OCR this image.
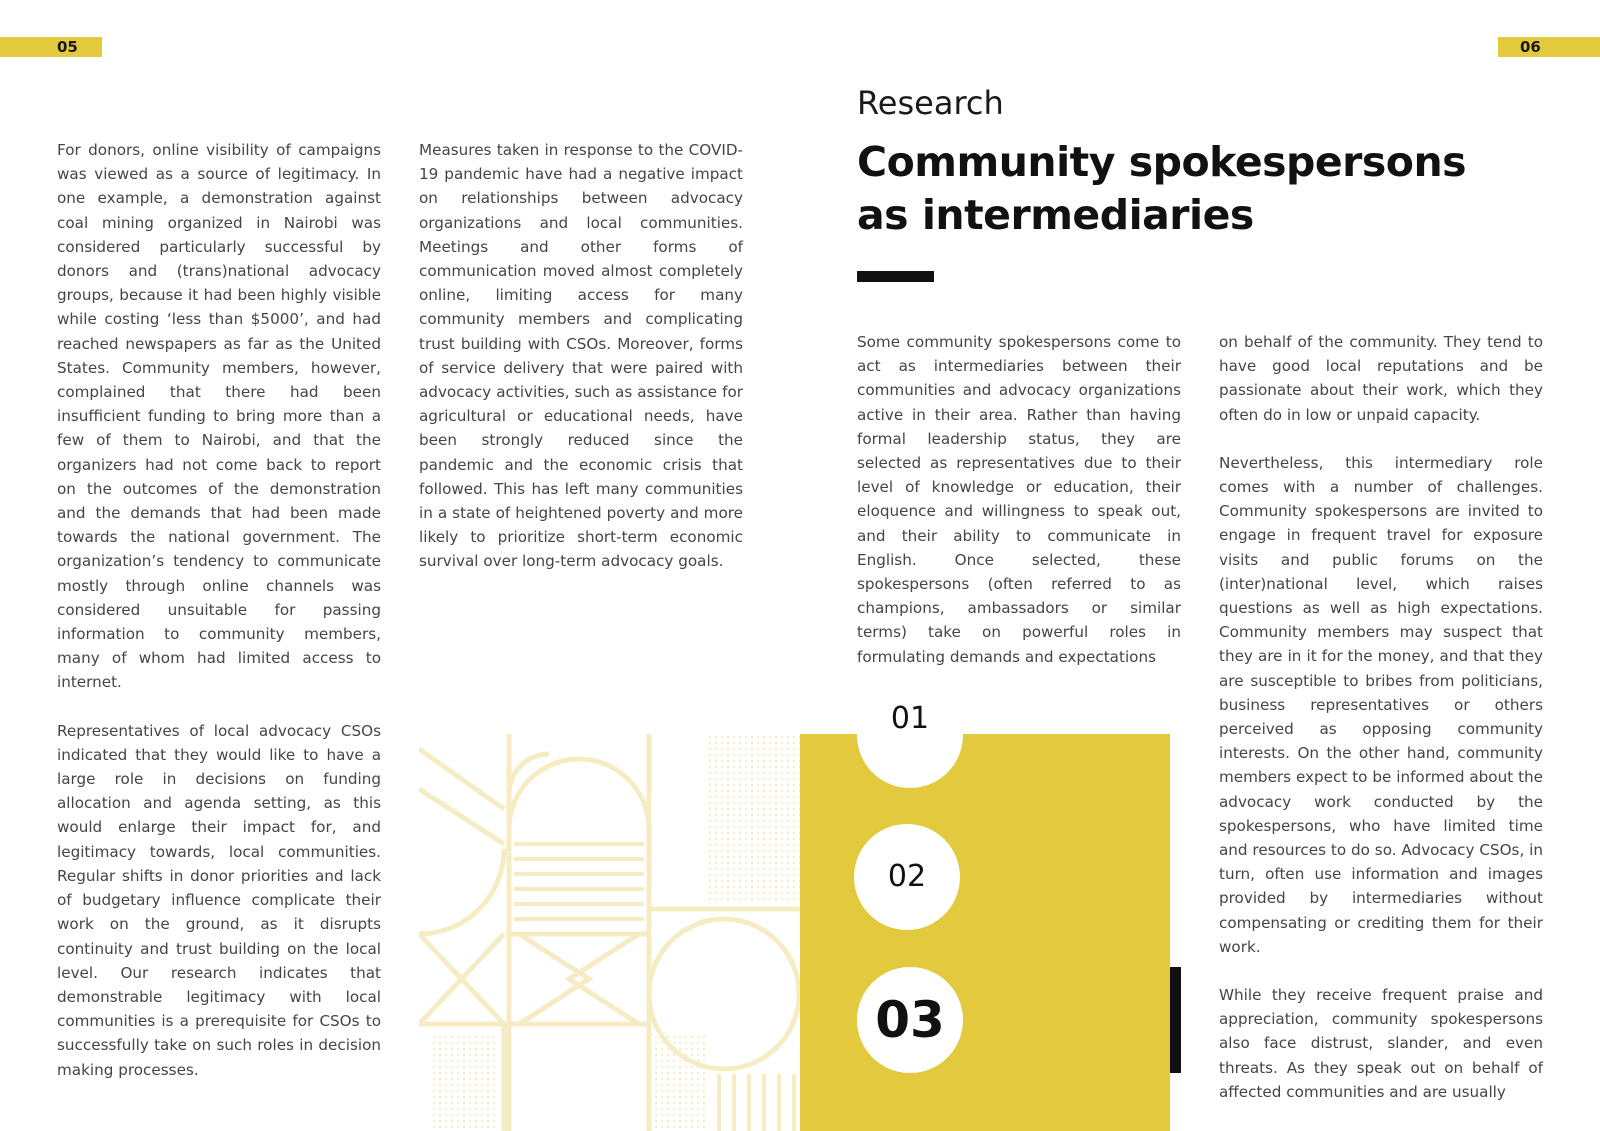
05	06

For donors, online visibility of campaigns was viewed as a source of legitimacy. In one example, a demonstration against coal mining organized in Nairobi was considered particularly successful by donors and (trans)national advocacy groups, because it had been highly visible while costing ‘less than $5000’, and had reached newspapers as far as the United States. Community members, however, complained that there had been insufficient funding to bring more than a few of them to Nairobi, and that the organizers had not come back to report on the outcomes of the demonstration and the demands that had been made towards the national government. The organization’s tendency to communicate mostly through online channels was considered unsuitable for passing information to community members, many of whom had limited access to internet.

Representatives of local advocacy CSOs indicated that they would like to have a large role in decisions on funding allocation and agenda setting, as this would enlarge their impact for, and legitimacy towards, local communities. Regular shifts in donor priorities and lack of budgetary influence complicate their work on the ground, as it disrupts continuity and trust building on the local level. Our research indicates that demonstrable legitimacy with local communities is a prerequisite for CSOs to successfully take on such roles in decision making processes.

Measures taken in response to the COVID-19 pandemic have had a negative impact on relationships between advocacy organizations and local communities. Meetings and other forms of communication moved almost completely online, limiting access for many community members and complicating trust building with CSOs. Moreover, forms of service delivery that were paired with advocacy activities, such as assistance for agricultural or educational needs, have been strongly reduced since the pandemic and the economic crisis that followed. This has left many communities in a state of heightened poverty and more likely to prioritize short-term economic survival over long-term advocacy goals.

Research
Community spokespersons as intermediaries

Some community spokespersons come to act as intermediaries between their communities and advocacy organizations active in their area. Rather than having formal leadership status, they are selected as representatives due to their level of knowledge or education, their eloquence and willingness to speak out, and their ability to communicate in English. Once selected, these spokespersons (often referred to as champions, ambassadors or similar terms) take on powerful roles in formulating demands and expectations

on behalf of the community. They tend to have good local reputations and be passionate about their work, which they often do in low or unpaid capacity.

Nevertheless, this intermediary role comes with a number of challenges. Community spokespersons are invited to engage in frequent travel for exposure visits and public forums on the (inter)national level, which raises questions as well as high expectations. Community members may suspect that they are in it for the money, and that they are susceptible to bribes from politicians, business representatives or others perceived as opposing community interests. On the other hand, community members expect to be informed about the advocacy work conducted by the spokespersons, who have limited time and resources to do so. Advocacy CSOs, in turn, often use information and images provided by intermediaries without compensating or crediting them for their work.

While they receive frequent praise and appreciation, community spokespersons also face distrust, slander, and even threats. As they speak out on behalf of affected communities and are usually

01
02
03
